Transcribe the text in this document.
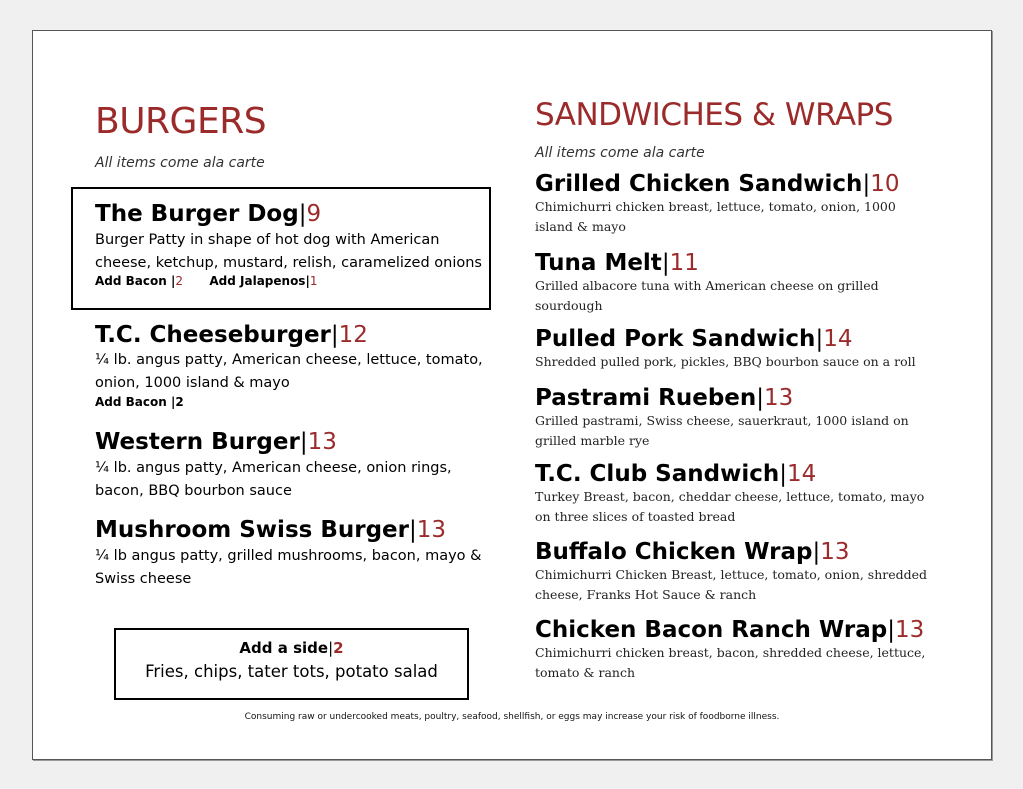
BURGERS
All items come ala carte
The Burger Dog|9
Burger Patty in shape of hot dog with American cheese, ketchup, mustard, relish, caramelized onions
Add Bacon |2 Add Jalapenos|1
T.C. Cheeseburger|12
¼ lb. angus patty, American cheese, lettuce, tomato, onion, 1000 island & mayo
Add Bacon |2
Western Burger|13
¼ lb. angus patty, American cheese, onion rings, bacon, BBQ bourbon sauce
Mushroom Swiss Burger|13
¼ lb angus patty, grilled mushrooms, bacon, mayo & Swiss cheese
Add a side|2
Fries, chips, tater tots, potato salad
SANDWICHES & WRAPS
All items come ala carte
Grilled Chicken Sandwich|10
Chimichurri chicken breast, lettuce, tomato, onion, 1000 island & mayo
Tuna Melt|11
Grilled albacore tuna with American cheese on grilled sourdough
Pulled Pork Sandwich|14
Shredded pulled pork, pickles, BBQ bourbon sauce on a roll
Pastrami Rueben|13
Grilled pastrami, Swiss cheese, sauerkraut, 1000 island on grilled marble rye
T.C. Club Sandwich|14
Turkey Breast, bacon, cheddar cheese, lettuce, tomato, mayo on three slices of toasted bread
Buffalo Chicken Wrap|13
Chimichurri Chicken Breast, lettuce, tomato, onion, shredded cheese, Franks Hot Sauce & ranch
Chicken Bacon Ranch Wrap|13
Chimichurri chicken breast, bacon, shredded cheese, lettuce, tomato & ranch
Consuming raw or undercooked meats, poultry, seafood, shellfish, or eggs may increase your risk of foodborne illness.
